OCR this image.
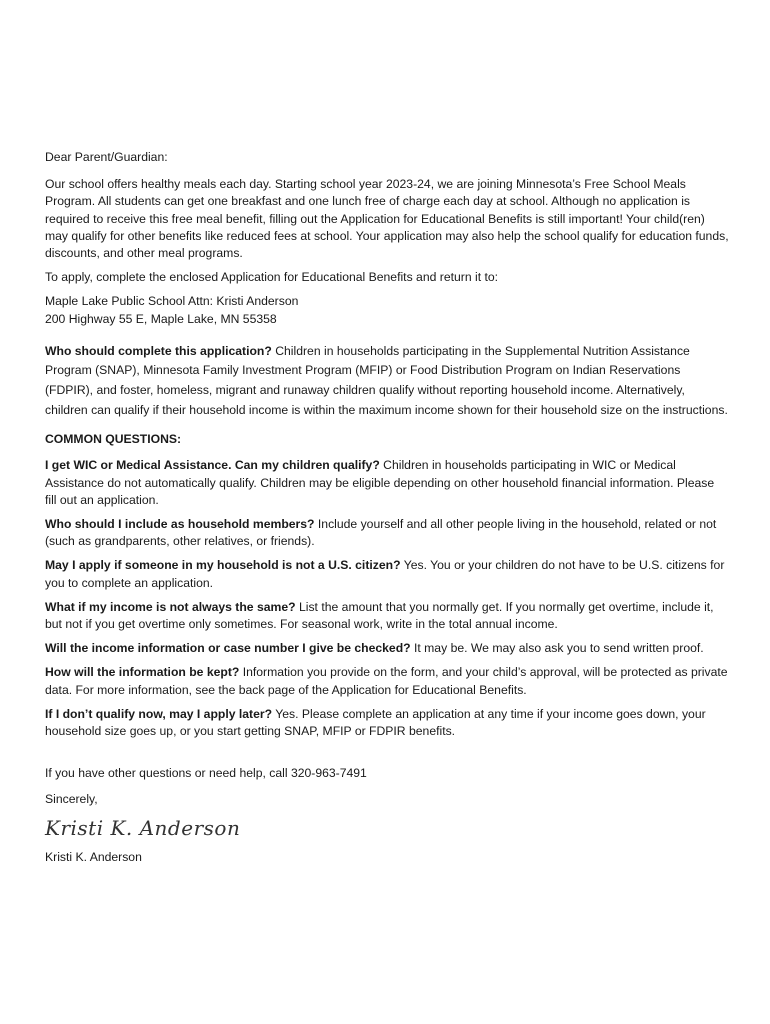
Dear Parent/Guardian:

Our school offers healthy meals each day. Starting school year 2023-24, we are joining Minnesota’s Free School Meals Program. All students can get one breakfast and one lunch free of charge each day at school. Although no application is required to receive this free meal benefit, filling out the Application for Educational Benefits is still important! Your child(ren) may qualify for other benefits like reduced fees at school. Your application may also help the school qualify for education funds, discounts, and other meal programs.

To apply, complete the enclosed Application for Educational Benefits and return it to:

Maple Lake Public School Attn: Kristi Anderson

200 Highway 55 E, Maple Lake, MN 55358

Who should complete this application? Children in households participating in the Supplemental Nutrition Assistance Program (SNAP), Minnesota Family Investment Program (MFIP) or Food Distribution Program on Indian Reservations (FDPIR), and foster, homeless, migrant and runaway children qualify without reporting household income. Alternatively, children can qualify if their household income is within the maximum income shown for their household size on the instructions.

COMMON QUESTIONS:

I get WIC or Medical Assistance. Can my children qualify? Children in households participating in WIC or Medical Assistance do not automatically qualify. Children may be eligible depending on other household financial information. Please fill out an application.

Who should I include as household members? Include yourself and all other people living in the household, related or not (such as grandparents, other relatives, or friends).

May I apply if someone in my household is not a U.S. citizen? Yes. You or your children do not have to be U.S. citizens for you to complete an application.

What if my income is not always the same? List the amount that you normally get. If you normally get overtime, include it, but not if you get overtime only sometimes. For seasonal work, write in the total annual income.

Will the income information or case number I give be checked? It may be. We may also ask you to send written proof.

How will the information be kept? Information you provide on the form, and your child’s approval, will be protected as private data. For more information, see the back page of the Application for Educational Benefits.

If I don’t qualify now, may I apply later? Yes. Please complete an application at any time if your income goes down, your household size goes up, or you start getting SNAP, MFIP or FDPIR benefits.

If you have other questions or need help, call 320-963-7491

Sincerely,

Kristi K. Anderson

Kristi K. Anderson
